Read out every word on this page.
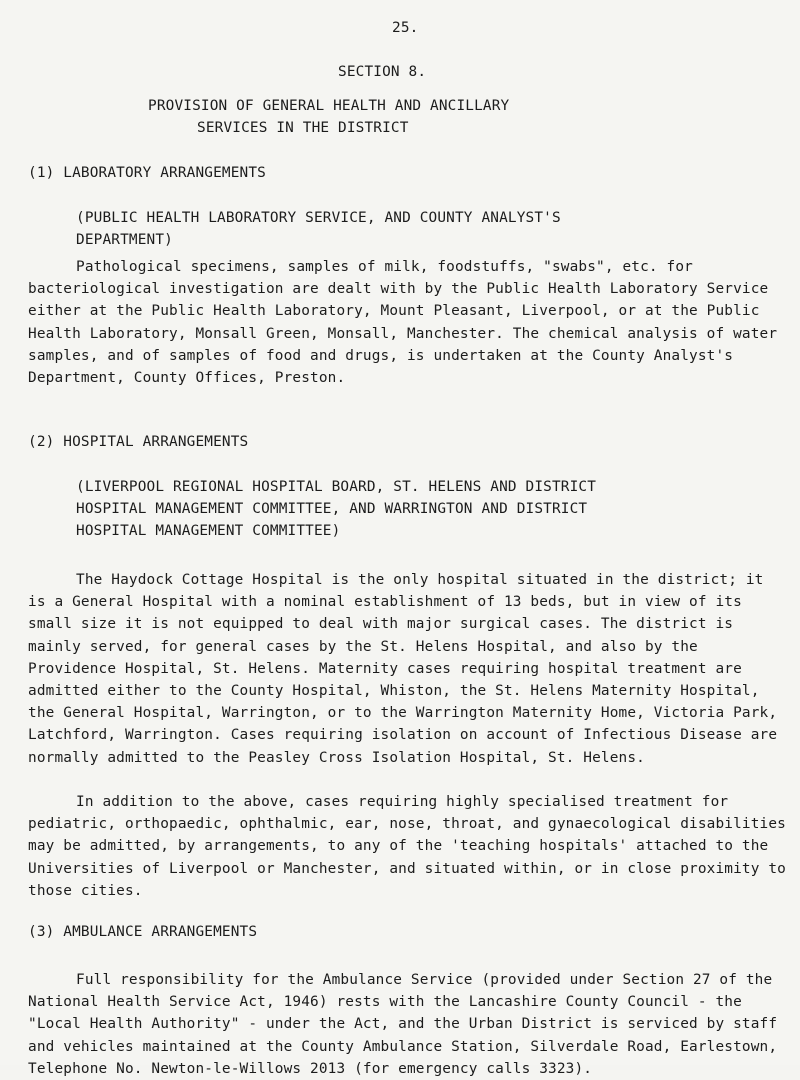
25.
SECTION 8.
PROVISION OF GENERAL HEALTH AND ANCILLARY
SERVICES IN THE DISTRICT
(1) LABORATORY ARRANGEMENTS
(PUBLIC HEALTH LABORATORY SERVICE, AND COUNTY ANALYST'S
DEPARTMENT)

Pathological specimens, samples of milk, foodstuffs, "swabs", etc. for bacteriological investigation are dealt with by the Public Health Laboratory Service either at the Public Health Laboratory, Mount Pleasant, Liverpool, or at the Public Health Laboratory, Monsall Green, Monsall, Manchester. The chemical analysis of water samples, and of samples of food and drugs, is undertaken at the County Analyst's Department, County Offices, Preston.

(2) HOSPITAL ARRANGEMENTS
(LIVERPOOL REGIONAL HOSPITAL BOARD, ST. HELENS AND DISTRICT
HOSPITAL MANAGEMENT COMMITTEE, AND WARRINGTON AND DISTRICT
HOSPITAL MANAGEMENT COMMITTEE)

The Haydock Cottage Hospital is the only hospital situated in the district; it is a General Hospital with a nominal establishment of 13 beds, but in view of its small size it is not equipped to deal with major surgical cases. The district is mainly served, for general cases by the St. Helens Hospital, and also by the Providence Hospital, St. Helens. Maternity cases requiring hospital treatment are admitted either to the County Hospital, Whiston, the St. Helens Maternity Hospital, the General Hospital, Warrington, or to the Warrington Maternity Home, Victoria Park, Latchford, Warrington. Cases requiring isolation on account of Infectious Disease are normally admitted to the Peasley Cross Isolation Hospital, St. Helens.

In addition to the above, cases requiring highly specialised treatment for pediatric, orthopaedic, ophthalmic, ear, nose, throat, and gynaecological disabilities may be admitted, by arrangements, to any of the 'teaching hospitals' attached to the Universities of Liverpool or Manchester, and situated within, or in close proximity to those cities.

(3) AMBULANCE ARRANGEMENTS

Full responsibility for the Ambulance Service (provided under Section 27 of the National Health Service Act, 1946) rests with the Lancashire County Council - the "Local Health Authority" - under the Act, and the Urban District is serviced by staff and vehicles maintained at the County Ambulance Station, Silverdale Road, Earlestown, Telephone No. Newton-le-Willows 2013 (for emergency calls 3323).
